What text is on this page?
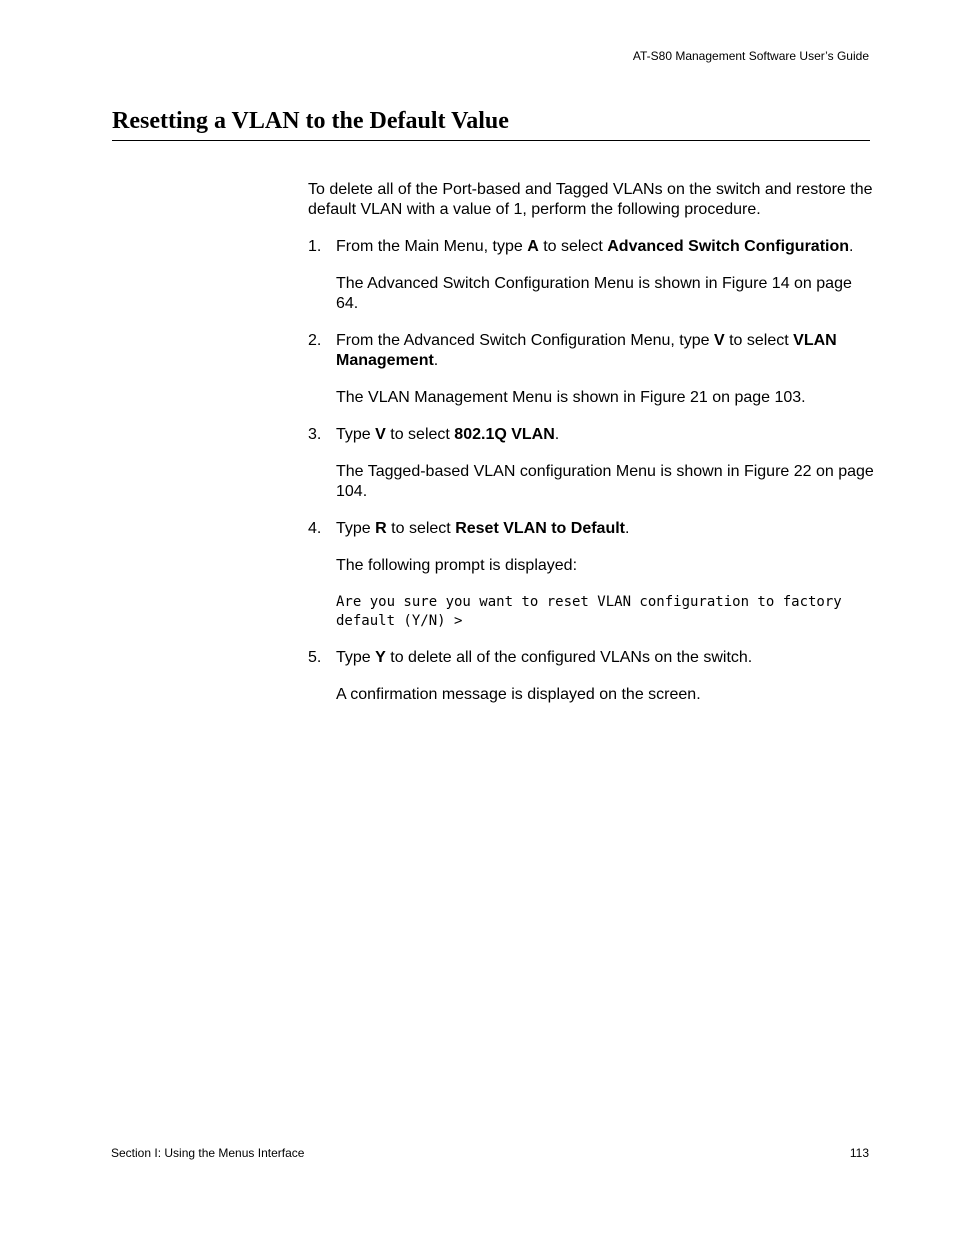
AT-S80 Management Software User’s Guide
Resetting a VLAN to the Default Value

To delete all of the Port-based and Tagged VLANs on the switch and restore the default VLAN with a value of 1, perform the following procedure.

1. From the Main Menu, type A to select Advanced Switch Configuration.

The Advanced Switch Configuration Menu is shown in Figure 14 on page 64.

2. From the Advanced Switch Configuration Menu, type V to select VLAN Management.

The VLAN Management Menu is shown in Figure 21 on page 103.

3. Type V to select 802.1Q VLAN.

The Tagged-based VLAN configuration Menu is shown in Figure 22 on page 104.

4. Type R to select Reset VLAN to Default.

The following prompt is displayed:

Are you sure you want to reset VLAN configuration to factory default (Y/N) >

5. Type Y to delete all of the configured VLANs on the switch.

A confirmation message is displayed on the screen.

Section I: Using the Menus Interface	113
